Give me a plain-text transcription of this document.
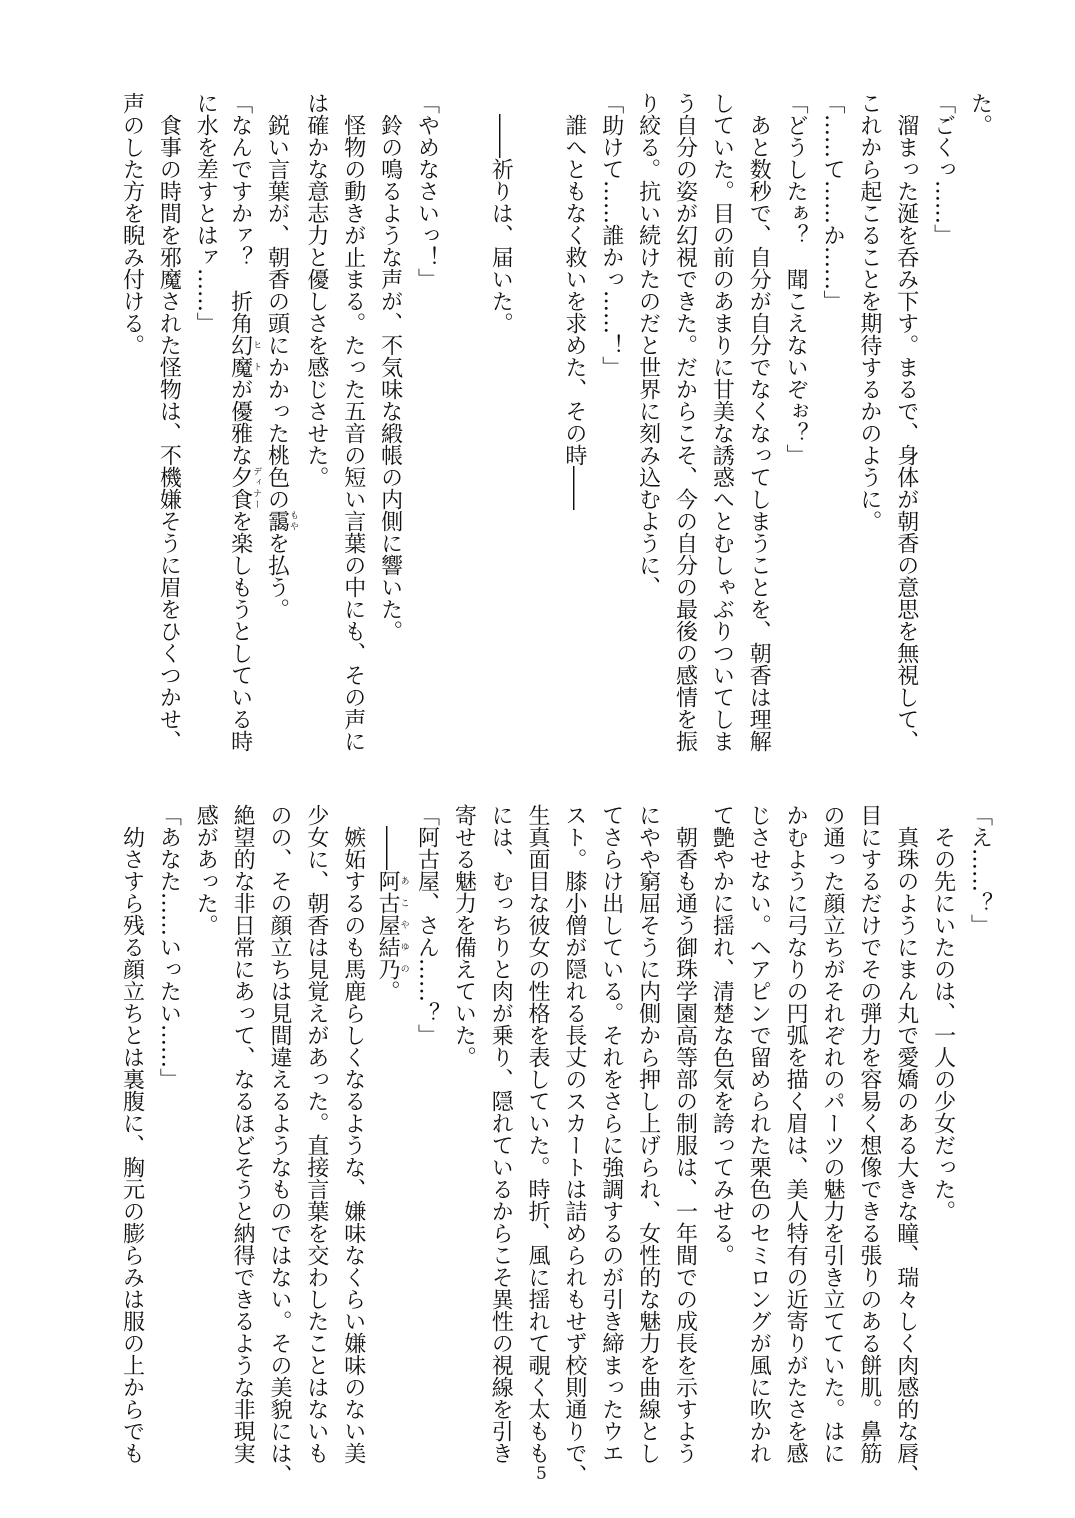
た。
「ごくっ……」
　溜まった涎を呑み下す。まるで、身体が朝香の意思を無視して、
これから起こることを期待するかのように。
「……て……か……」
「どうしたぁ？　聞こえないぞぉ？」
　あと数秒で、自分が自分でなくなってしまうことを、朝香は理解
していた。目の前のあまりに甘美な誘惑へとむしゃぶりついてしま
う自分の姿が幻視できた。だからこそ、今の自分の最後の感情を振
り絞る。抗い続けたのだと世界に刻み込むように、
「助けて……誰かっ……！」
　誰へともなく救いを求めた、その時――
　――祈りは、届いた。
「やめなさいっ！」
　鈴の鳴るような声が、不気味な緞帳の内側に響いた。
　怪物の動きが止まる。たった五音の短い言葉の中にも、その声に
は確かな意志力と優しさを感じさせた。
　鋭い言葉が、朝香の頭にかかった桃色の靄もやを払う。
「なんですかァ？　折角幻魔ヒトが優雅な夕食ディナーを楽しもうとしている時
に水を差すとはァ……」
　食事の時間を邪魔された怪物は、不機嫌そうに眉をひくつかせ、
声のした方を睨み付ける。
「え……？」
　その先にいたのは、一人の少女だった。
　真珠のようにまん丸で愛嬌のある大きな瞳、瑞々しく肉感的な唇、
目にするだけでその弾力を容易く想像できる張りのある餅肌。鼻筋
の通った顔立ちがそれぞれのパーツの魅力を引き立てていた。はに
かむように弓なりの円弧を描く眉は、美人特有の近寄りがたさを感
じさせない。ヘアピンで留められた栗色のセミロングが風に吹かれ
て艶やかに揺れ、清楚な色気を誇ってみせる。
　朝香も通う御珠学園高等部の制服は、一年間での成長を示すよう
にやや窮屈そうに内側から押し上げられ、女性的な魅力を曲線とし
てさらけ出している。それをさらに強調するのが引き締まったウエ
スト。膝小僧が隠れる長丈のスカートは詰められもせず校則通りで、
生真面目な彼女の性格を表していた。時折、風に揺れて覗く太もも
には、むっちりと肉が乗り、隠れているからこそ異性の視線を引き
寄せる魅力を備えていた。
「阿古屋、さん……？」
　――阿古屋結乃あこやゆの。
　嫉妬するのも馬鹿らしくなるような、嫌味なくらい嫌味のない美
少女に、朝香は見覚えがあった。直接言葉を交わしたことはないも
のの、その顔立ちは見間違えるようなものではない。その美貌には、
絶望的な非日常にあって、なるほどそうと納得できるような非現実
感があった。
「あなた……いったい……」
　幼さすら残る顔立ちとは裏腹に、胸元の膨らみは服の上からでも
5
